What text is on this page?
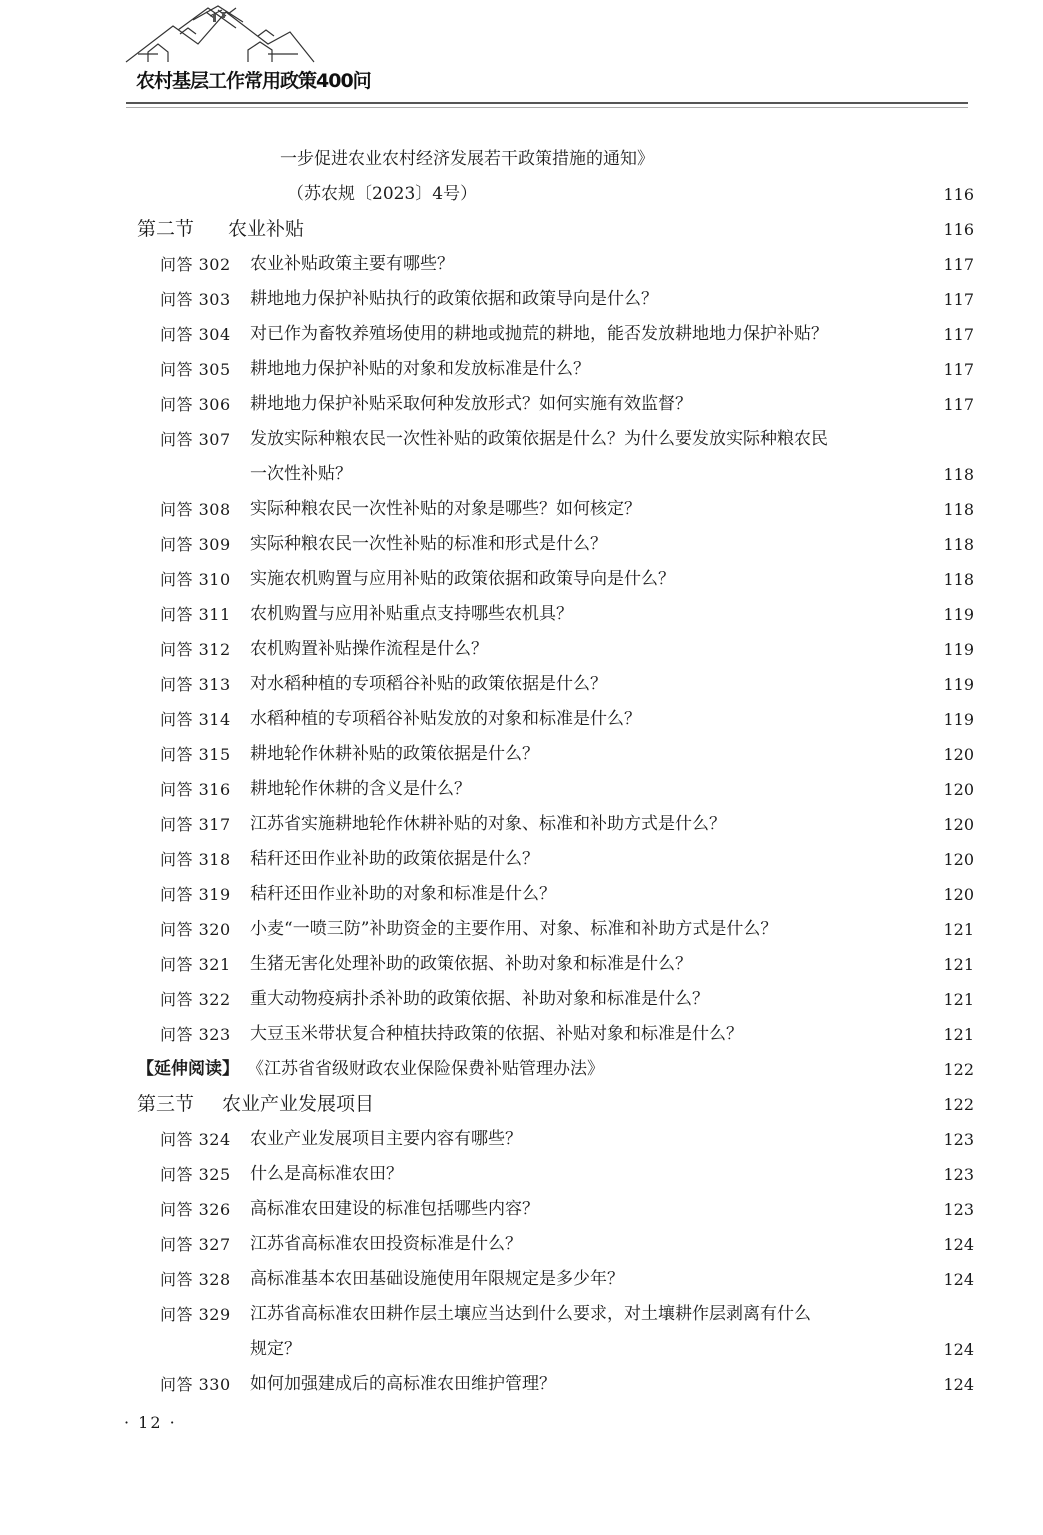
农村基层工作常用政策400问
一步促进农业农村经济发展若干政策措施的通知》
（苏农规〔2023〕4号）	116
第二节 农业补贴	116
问答 302 农业补贴政策主要有哪些？	117
问答 303 耕地地力保护补贴执行的政策依据和政策导向是什么？	117
问答 304 对已作为畜牧养殖场使用的耕地或抛荒的耕地，能否发放耕地地力保护补贴？	117
问答 305 耕地地力保护补贴的对象和发放标准是什么？	117
问答 306 耕地地力保护补贴采取何种发放形式？如何实施有效监督？	117
问答 307 发放实际种粮农民一次性补贴的政策依据是什么？为什么要发放实际种粮农民
一次性补贴？	118
问答 308 实际种粮农民一次性补贴的对象是哪些？如何核定？	118
问答 309 实际种粮农民一次性补贴的标准和形式是什么？	118
问答 310 实施农机购置与应用补贴的政策依据和政策导向是什么？	118
问答 311 农机购置与应用补贴重点支持哪些农机具？	119
问答 312 农机购置补贴操作流程是什么？	119
问答 313 对水稻种植的专项稻谷补贴的政策依据是什么？	119
问答 314 水稻种植的专项稻谷补贴发放的对象和标准是什么？	119
问答 315 耕地轮作休耕补贴的政策依据是什么？	120
问答 316 耕地轮作休耕的含义是什么？	120
问答 317 江苏省实施耕地轮作休耕补贴的对象、标准和补助方式是什么？	120
问答 318 秸秆还田作业补助的政策依据是什么？	120
问答 319 秸秆还田作业补助的对象和标准是什么？	120
问答 320 小麦“一喷三防”补助资金的主要作用、对象、标准和补助方式是什么？	121
问答 321 生猪无害化处理补助的政策依据、补助对象和标准是什么？	121
问答 322 重大动物疫病扑杀补助的政策依据、补助对象和标准是什么？	121
问答 323 大豆玉米带状复合种植扶持政策的依据、补贴对象和标准是什么？	121
【延伸阅读】 《江苏省省级财政农业保险保费补贴管理办法》	122
第三节 农业产业发展项目	122
问答 324 农业产业发展项目主要内容有哪些？	123
问答 325 什么是高标准农田？	123
问答 326 高标准农田建设的标准包括哪些内容？	123
问答 327 江苏省高标准农田投资标准是什么？	124
问答 328 高标准基本农田基础设施使用年限规定是多少年？	124
问答 329 江苏省高标准农田耕作层土壤应当达到什么要求，对土壤耕作层剥离有什么
规定？	124
问答 330 如何加强建成后的高标准农田维护管理？	124
· 12 ·
